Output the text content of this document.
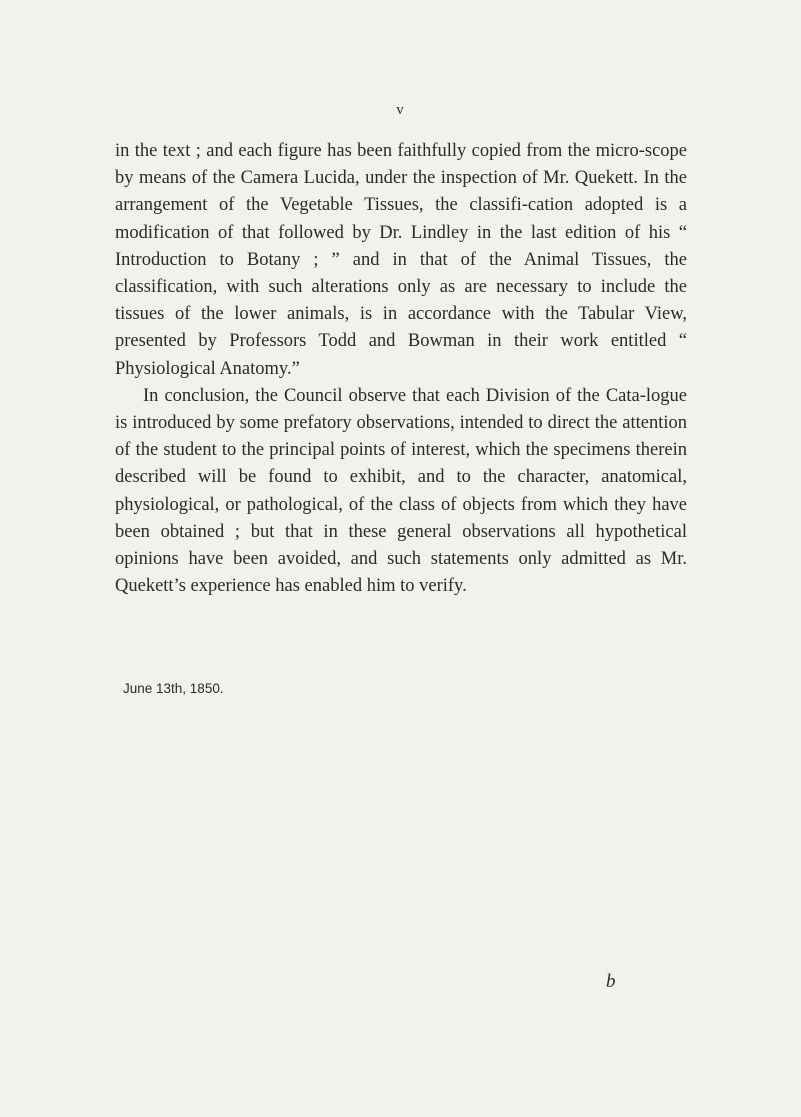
v

in the text ; and each figure has been faithfully copied from the micro-scope by means of the Camera Lucida, under the inspection of Mr. Quekett. In the arrangement of the Vegetable Tissues, the classifi-cation adopted is a modification of that followed by Dr. Lindley in the last edition of his “ Introduction to Botany ; ” and in that of the Animal Tissues, the classification, with such alterations only as are necessary to include the tissues of the lower animals, is in accordance with the Tabular View, presented by Professors Todd and Bowman in their work entitled “ Physiological Anatomy.”

In conclusion, the Council observe that each Division of the Cata-logue is introduced by some prefatory observations, intended to direct the attention of the student to the principal points of interest, which the specimens therein described will be found to exhibit, and to the character, anatomical, physiological, or pathological, of the class of objects from which they have been obtained ; but that in these general observations all hypothetical opinions have been avoided, and such statements only admitted as Mr. Quekett’s experience has enabled him to verify.

June 13th, 1850.
b
